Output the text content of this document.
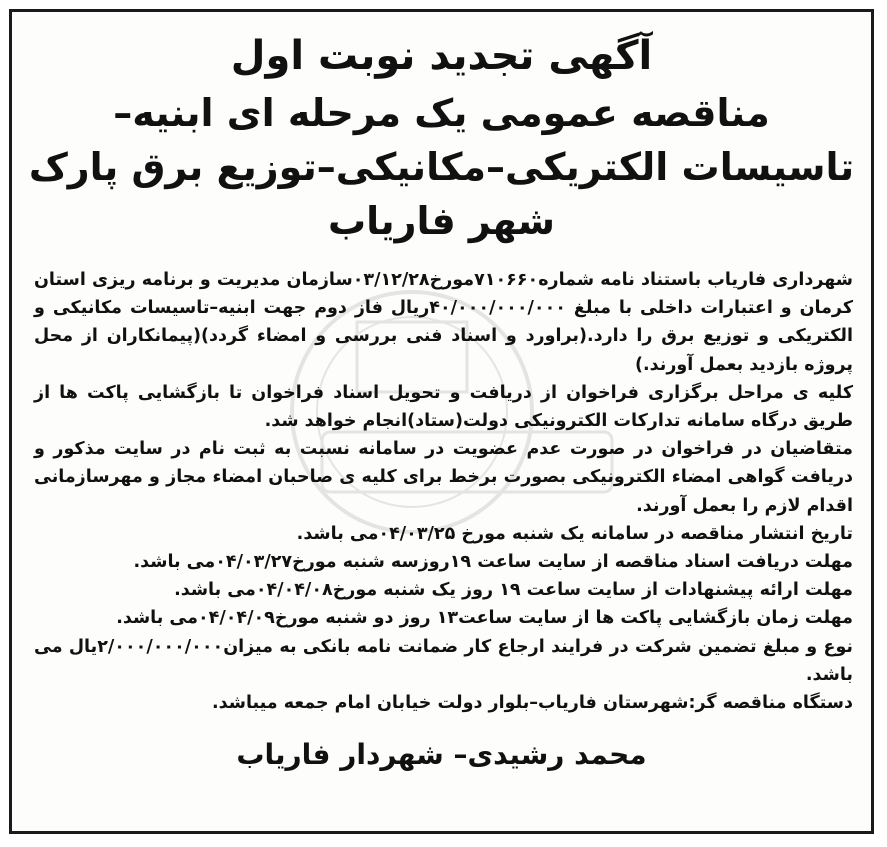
آگهی تجدید نوبت اول
مناقصه عمومی یک مرحله ای ابنیه– تاسیسات الکتریکی–مکانیکی–توزیع برق پارک شهر فاریاب

شهرداری فاریاب باستناد نامه شماره۷۱۰۶۶۰مورخ۰۳/۱۲/۲۸سازمان مدیریت و برنامه ریزی استان کرمان و اعتبارات داخلی با مبلغ ۴۰/۰۰۰/۰۰۰/۰۰۰ریال فاز دوم جهت ابنیه–تاسیسات مکانیکی و الکتریکی و توزیع برق را دارد.(براورد و اسناد فنی بررسی و امضاء گردد)(پیمانکاران از محل پروژه بازدید بعمل آورند.)

کلیه ی مراحل برگزاری فراخوان از دریافت و تحویل اسناد فراخوان تا بازگشایی پاکت ها از طریق درگاه سامانه تدارکات الکترونیکی دولت(ستاد)انجام خواهد شد.

متقاضیان در فراخوان در صورت عدم عضویت در سامانه نسبت به ثبت نام در سایت مذکور و دریافت گواهی امضاء الکترونیکی بصورت برخط برای کلیه ی صاحبان امضاء مجاز و مهرسازمانی اقدام لازم را بعمل آورند.

تاریخ انتشار مناقصه در سامانه یک شنبه مورخ ۰۴/۰۳/۲۵می باشد.

مهلت دریافت اسناد مناقصه از سایت ساعت ۱۹روزسه شنبه مورخ۰۴/۰۳/۲۷می باشد.

مهلت ارائه پیشنهادات از سایت ساعت ۱۹ روز یک شنبه مورخ۰۴/۰۴/۰۸می باشد.

مهلت زمان بازگشایی پاکت ها از سایت ساعت۱۳ روز دو شنبه مورخ۰۴/۰۴/۰۹می باشد.

نوع و مبلغ تضمین شرکت در فرایند ارجاع کار ضمانت نامه بانکی به میزان۲/۰۰۰/۰۰۰/۰۰۰یال می باشد.

دستگاه مناقصه گر:شهرستان فاریاب–بلوار دولت خیابان امام جمعه میباشد.

محمد رشیدی– شهردار فاریاب
